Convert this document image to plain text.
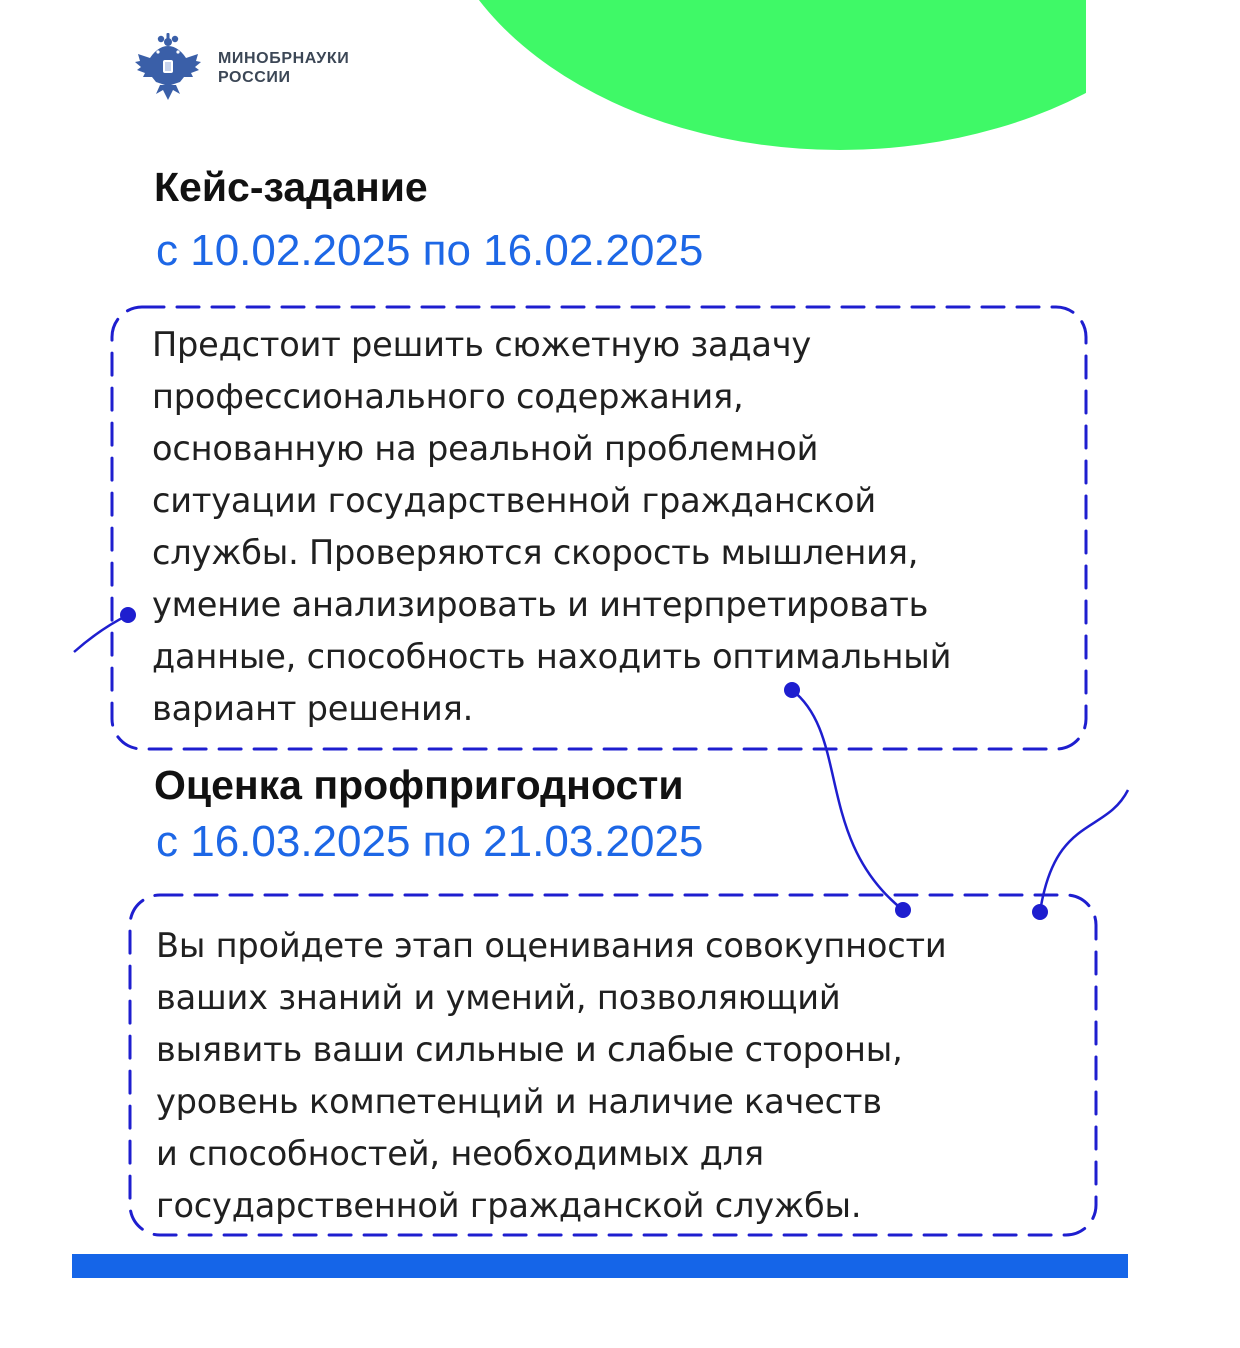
МИНОБРНАУКИ
РОССИИ
Кейс-задание
с 10.02.2025 по 16.02.2025
Предстоит решить сюжетную задачу
профессионального содержания,
основанную на реальной проблемной
ситуации государственной гражданской
службы. Проверяются скорость мышления,
умение анализировать и интерпретировать
данные, способность находить оптимальный
вариант решения.
Оценка профпригодности
с 16.03.2025 по 21.03.2025
Вы пройдете этап оценивания совокупности
ваших знаний и умений, позволяющий
выявить ваши сильные и слабые стороны,
уровень компетенций и наличие качеств
и способностей, необходимых для
государственной гражданской службы.
